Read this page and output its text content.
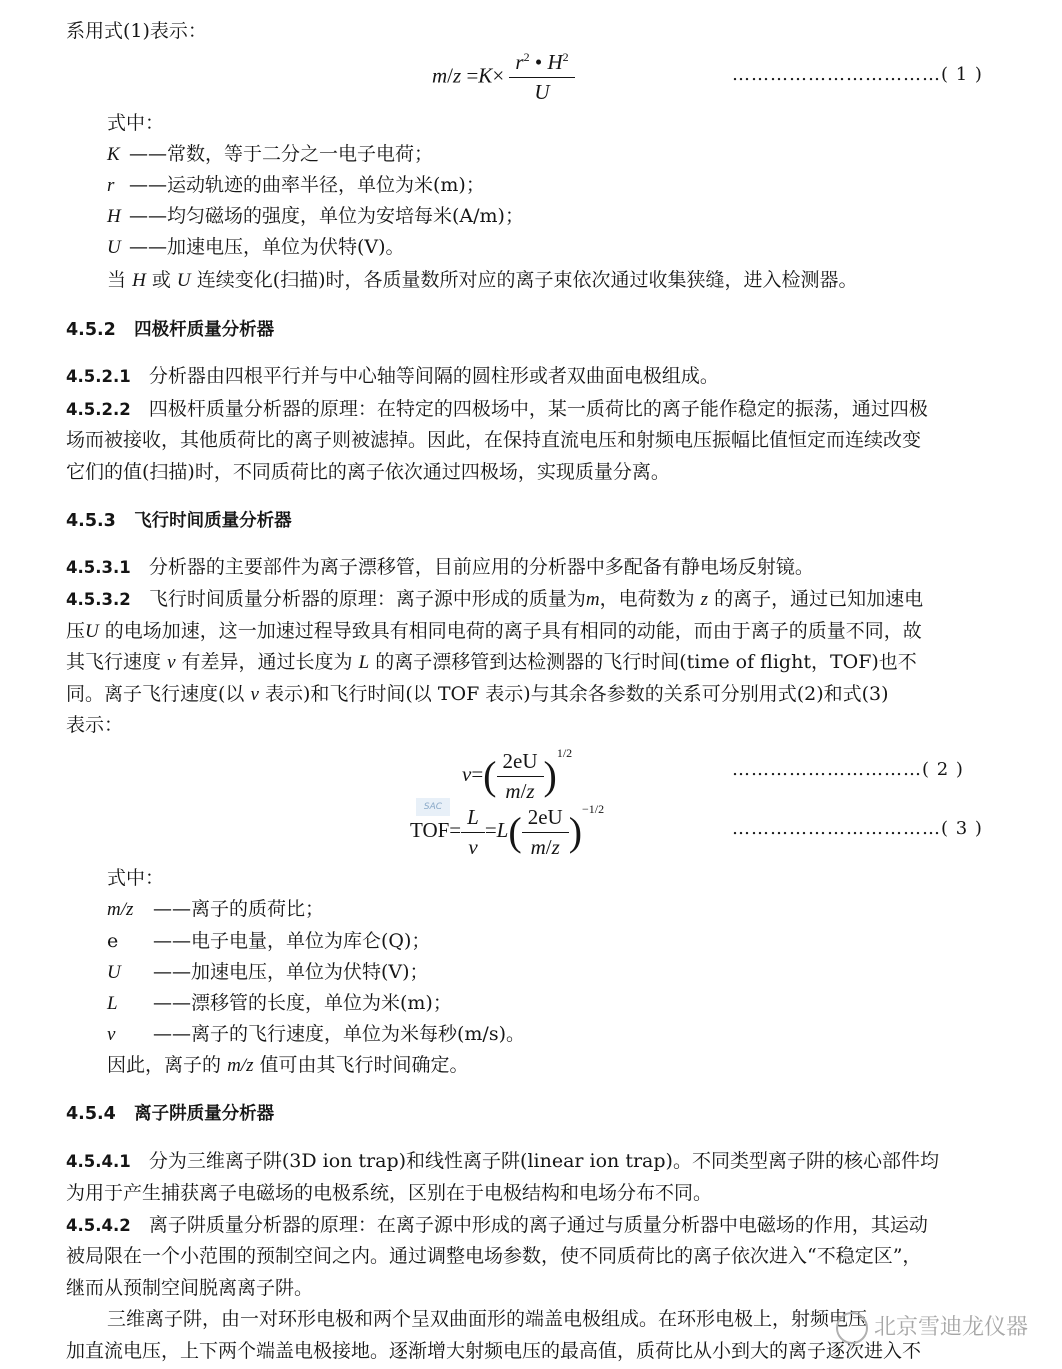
系用式(1)表示：
$m/z =K\times \frac{r^2 • H^2}{U}$	……………………………( 1 )
式中：
K ——常数，等于二分之一电子电荷；
r ——运动轨迹的曲率半径，单位为米(m)；
H ——均匀磁场的强度，单位为安培每米(A/m)；
U ——加速电压，单位为伏特(V)。
当 H 或 U 连续变化(扫描)时，各质量数所对应的离子束依次通过收集狭缝，进入检测器。
4.5.2 四极杆质量分析器
4.5.2.1 分析器由四根平行并与中心轴等间隔的圆柱形或者双曲面电极组成。
4.5.2.2 四极杆质量分析器的原理：在特定的四极场中，某一质荷比的离子能作稳定的振荡，通过四极
场而被接收，其他质荷比的离子则被滤掉。因此，在保持直流电压和射频电压振幅比值恒定而连续改变
它们的值(扫描)时，不同质荷比的离子依次通过四极场，实现质量分离。
4.5.3 飞行时间质量分析器
4.5.3.1 分析器的主要部件为离子漂移管，目前应用的分析器中多配备有静电场反射镜。
4.5.3.2 飞行时间质量分析器的原理：离子源中形成的质量为m，电荷数为 z 的离子，通过已知加速电
压U 的电场加速，这一加速过程导致具有相同电荷的离子具有相同的动能，而由于离子的质量不同，故
其飞行速度 v 有差异，通过长度为 L 的离子漂移管到达检测器的飞行时间(time of flight，TOF)也不
同。离子飞行速度(以 v 表示)和飞行时间(以 TOF 表示)与其余各参数的关系可分别用式(2)和式(3)
表示：
$v=( \frac{2eU}{m/z} )^{1/2}$
…………………………( 2 )
SAC
$TOF= \frac{L}{v} =L( \frac{2eU}{m/z} )^{-1/2}$
……………………………( 3 )
式中：
m/z ——离子的质荷比；
e ——电子电量，单位为库仑(Q)；
U ——加速电压，单位为伏特(V)；
L ——漂移管的长度，单位为米(m)；
v ——离子的飞行速度，单位为米每秒(m/s)。
因此，离子的 m/z 值可由其飞行时间确定。
4.5.4 离子阱质量分析器
4.5.4.1 分为三维离子阱(3D ion trap)和线性离子阱(linear ion trap)。不同类型离子阱的核心部件均
为用于产生捕获离子电磁场的电极系统，区别在于电极结构和电场分布不同。
4.5.4.2 离子阱质量分析器的原理：在离子源中形成的离子通过与质量分析器中电磁场的作用，其运动
被局限在一个小范围的预制空间之内。通过调整电场参数，使不同质荷比的离子依次进入“不稳定区”，
继而从预制空间脱离离子阱。
三维离子阱，由一对环形电极和两个呈双曲面形的端盖电极组成。在环形电极上，射频电压
加直流电压，上下两个端盖电极接地。逐渐增大射频电压的最高值，质荷比从小到大的离子逐次进入不
北京雪迪龙仪器
